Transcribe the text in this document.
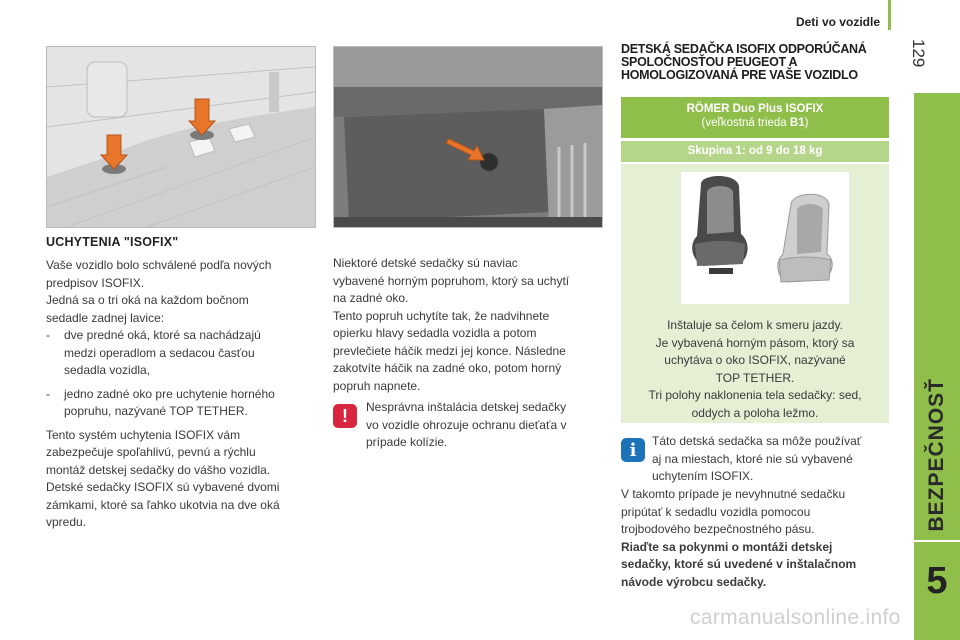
Deti vo vozidle
129
BEZPEČNOSŤ
5
UCHYTENIA "ISOFIX"

Vaše vozidlo bolo schválené podľa nových

predpisov ISOFIX.

Jedná sa o tri oká na každom bočnom

sedadle zadnej lavice:

- dve predné oká, ktoré sa nachádzajú
medzi operadlom a sedacou časťou
sedadla vozidla,
- jedno zadné oko pre uchytenie horného
popruhu, nazývané TOP TETHER.

Tento systém uchytenia ISOFIX vám

zabezpečuje spoľahlivú, pevnú a rýchlu

montáž detskej sedačky do vášho vozidla.

Detské sedačky ISOFIX sú vybavené dvomi

zámkami, ktoré sa ľahko ukotvia na dve oká

vpredu.

Niektoré detské sedačky sú naviac

vybavené horným popruhom, ktorý sa uchytí

na zadné oko.

Tento popruh uchytíte tak, že nadvihnete

opierku hlavy sedadla vozidla a potom

prevlečiete háčik medzi jej konce. Následne

zakotvíte háčik na zadné oko, potom horný

popruh napnete.

! Nesprávna inštalácia detskej sedačky

vo vozidle ohrozuje ochranu dieťaťa v

prípade kolízie.

DETSKÁ SEDAČKA ISOFIX ODPORÚČANÁ
SPOLOČNOSŤOU PEUGEOT A
HOMOLOGIZOVANÁ PRE VAŠE VOZIDLO
RÖMER Duo Plus ISOFIX
(veľkostná trieda B1)
Skupina 1: od 9 do 18 kg
Inštaluje sa čelom k smeru jazdy.
Je vybavená horným pásom, ktorý sa
uchytáva o oko ISOFIX, nazývané
TOP TETHER.
Tri polohy naklonenia tela sedačky: sed,
oddych a poloha ležmo.
i Táto detská sedačka sa môže používať

aj na miestach, ktoré nie sú vybavené

uchytením ISOFIX.

V takomto prípade je nevyhnutné sedačku

pripútať k sedadlu vozidla pomocou

trojbodového bezpečnostného pásu.

Riaďte sa pokynmi o montáži detskej

sedačky, ktoré sú uvedené v inštalačnom

návode výrobcu sedačky.

carmanualsonline.info
